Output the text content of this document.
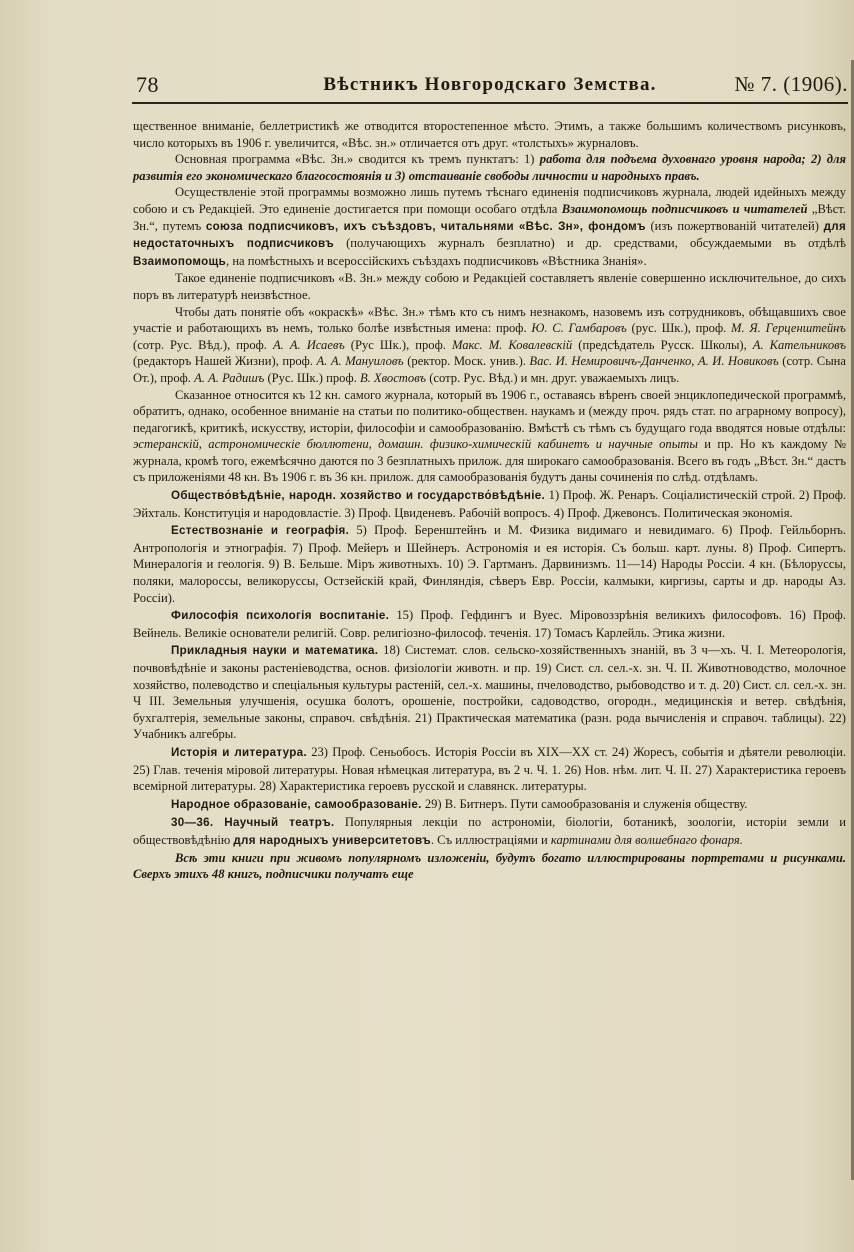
78	Вѣстникъ Новгородскаго Земства.	№ 7. (1906).

щественное вниманіе, беллетристикѣ же отводится второстепенное мѣсто. Этимъ, а также большимъ количествомъ рисунковъ, число которыхъ въ 1906 г. увеличится, «Вѣс. зн.» отличается отъ друг. «толстыхъ» журналовъ.

Основная программа «Вѣс. Зн.» сводится къ тремъ пунктатъ: 1) работа для подъема духовнаго уровня народа; 2) для развитія его экономическаго благосостоянія и 3) отстаиваніе свободы личности и народныхъ правъ.

Осуществленіе этой программы возможно лишь путемъ тѣснаго единенія подписчиковъ журнала, людей идейныхъ между собою и съ Редакціей. Это единеніе достигается при помощи особаго отдѣла Взаимопомощь подписчиковъ и читателей „Вѣст. Зн.“, путемъ союза подписчиковъ, ихъ съѣздовъ, читальнями «Вѣс. Зн», фондомъ (изъ пожертвованій читателей) для недостаточныхъ подписчиковъ (получающихъ журналъ безплатно) и др. средствами, обсуждаемыми въ отдѣлѣ Взаимопомощь, на помѣстныхъ и всероссійскихъ съѣздахъ подписчиковъ «Вѣстника Знанія».

Такое единеніе подписчиковъ «В. Зн.» между собою и Редакціей составляетъ явленіе совершенно исключительное, до сихъ поръ въ литературѣ неизвѣстное.

Чтобы дать понятіе объ «окраскѣ» «Вѣс. Зн.» тѣмъ кто съ нимъ незнакомъ, назовемъ изъ сотрудниковъ, обѣщавшихъ свое участіе и работающихъ въ немъ, только болѣе извѣстныя имена: проф. Ю. С. Гамбаровъ (рус. Шк.), проф. М. Я. Герценштейнъ (сотр. Рус. Вѣд.), проф. А. А. Исаевъ (Рус Шк.), проф. Макс. М. Ковалевскій (предсѣдатель Русск. Школы), А. Кательниковъ (редакторъ Нашей Жизни), проф. А. А. Мануиловъ (ректор. Моск. унив.). Вас. И. Немировичъ-Данченко, А. И. Новиковъ (сотр. Сына От.), проф. А. А. Радишъ (Рус. Шк.) проф. В. Хвостовъ (сотр. Рус. Вѣд.) и мн. друг. уважаемыхъ лицъ.

Сказанное относится къ 12 кн. самого журнала, который въ 1906 г., оставаясь вѣренъ своей энциклопедической программѣ, обратитъ, однако, особенное вниманіе на статьи по политико-обществен. наукамъ и (между проч. рядъ стат. по аграрному вопросу), педагогикѣ, критикѣ, искусству, исторіи, философіи и самообразованію. Вмѣстѣ съ тѣмъ съ будущаго года вводятся новые отдѣлы: эстеранскій, астрономическіе бюллютени, домашн. физико-химическій кабинетъ и научные опыты и пр. Но къ каждому № журнала, кромѣ того, ежемѣсячно даются по 3 безплатныхъ прилож. для широкаго самообразованія. Всего въ годъ „Вѣст. Зн.“ дастъ съ приложеніями 48 кн. Въ 1906 г. въ 36 кн. прилож. для самообразованія будутъ даны сочиненія по слѣд. отдѣламъ.

Общество́вѣдѣніе, народн. хозяйство и государство́вѣдѣніе. 1) Проф. Ж. Ренаръ. Соціалистическій строй. 2) Проф. Эйхталь. Конституція и народовластіе. 3) Проф. Цвиденевъ. Рабочій вопросъ. 4) Проф. Джевонсъ. Политическая экономія.

Естествознаніе и географія. 5) Проф. Беренштейнъ и М. Физика видимаго и невидимаго. 6) Проф. Гейльборнъ. Антропологія и этнографія. 7) Проф. Мейеръ и Шейнеръ. Астрономія и ея исторія. Съ больш. карт. луны. 8) Проф. Сипертъ. Минералогія и геологія. 9) В. Бельше. Міръ животныхъ. 10) Э. Гартманъ. Дарвинизмъ. 11—14) Народы Россіи. 4 кн. (Бѣлоруссы, поляки, малороссы, великоруссы, Остзейскій край, Финляндія, сѣверъ Евр. Россіи, калмыки, киргизы, сарты и др. народы Аз. Россіи).

Философія психологія воспитаніе. 15) Проф. Гефдингъ и Вуес. Міровоззрѣнія великихъ философовъ. 16) Проф. Вейнель. Великіе основатели религій. Совр. религіозно-философ. теченія. 17) Томасъ Карлейль. Этика жизни.

Прикладныя науки и математика. 18) Системат. слов. сельско-хозяйственныхъ знаній, въ 3 ч—хъ. Ч. I. Метеорологія, почвовѣдѣніе и законы растеніеводства, основ. физіологіи животн. и пр. 19) Сист. сл. сел.-х. зн. Ч. II. Животноводство, молочное хозяйство, полеводство и спеціальныя культуры растеній, сел.-х. машины, пчеловодство, рыбоводство и т. д. 20) Сист. сл. сел.-х. зн. Ч III. Земельныя улучшенія, осушка болотъ, орошеніе, постройки, садоводство, огородн., медицинскія и ветер. свѣдѣнія, бухгалтерія, земельные законы, справоч. свѣдѣнія. 21) Практическая математика (разн. рода вычисленія и справоч. таблицы). 22) Учабникъ алгебры.

Исторія и литература. 23) Проф. Сеньобосъ. Исторія Россіи въ XIX—XX ст. 24) Жоресъ, событія и дѣятели революціи. 25) Глав. теченія міровой литературы. Новая нѣмецкая литература, въ 2 ч. Ч. 1. 26) Нов. нѣм. лит. Ч. II. 27) Характеристика героевъ всемірной литературы. 28) Характеристика героевъ русской и славянск. литературы.

Народное образованіе, самообразованіе. 29) В. Битнеръ. Пути самообразованія и служенія обществу.

30—36. Научный театръ. Популярныя лекціи по астрономіи, біологіи, ботаникѣ, зоологіи, исторіи земли и обществовѣдѣнію для народныхъ университетовъ. Съ иллюстраціями и картинами для волшебнаго фонаря.

Всѣ эти книги при живомъ популярномъ изложеніи, будутъ богато иллюстрированы портретами и рисунками. Сверхъ этихъ 48 книгъ, подписчики получатъ еще
